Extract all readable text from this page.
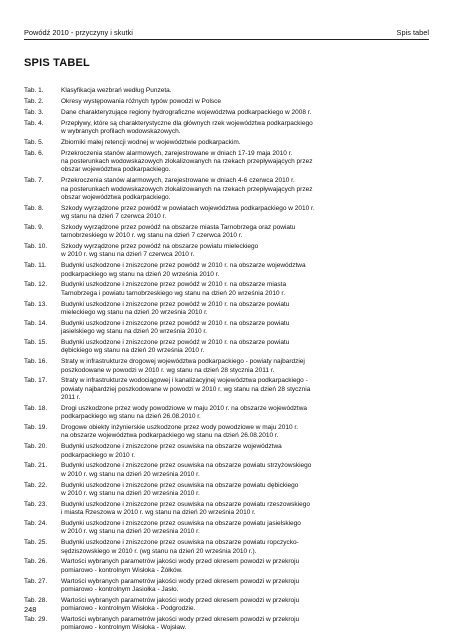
Powódź 2010 - przyczyny i skutki	Spis tabel
SPIS TABEL
Tab. 1.	Klasyfikacja wezbrań według Punzeta.
Tab. 2.	Okresy występowania różnych typów powodzi w Polsce
Tab. 3.	Dane charakteryzujące regiony hydrograficzne województwa podkarpackiego w 2008 r.
Tab. 4.	Przepływy, które są charakterystyczne dla głównych rzek województwa podkarpackiego
w wybranych profilach wodowskazowych.
Tab. 5.	Zbiorniki małej retencji wodnej w województwie podkarpackim.
Tab. 6.	Przekroczenia stanów alarmowych, zarejestrowane w dniach 17-19 maja 2010 r.
na posterunkach wodowskazowych zlokalizowanych na rzekach przepływających przez
obszar województwa podkarpackiego.
Tab. 7.	Przekroczenia stanów alarmowych, zarejestrowane w dniach 4-6 czerwca 2010 r.
na posterunkach wodowskazowych zlokalizowanych na rzekach przepływających przez
obszar województwa podkarpackiego.
Tab. 8.	Szkody wyrządzone przez powódź w powiatach województwa podkarpackiego w 2010 r.
wg stanu na dzień 7 czerwca 2010 r.
Tab. 9.	Szkody wyrządzone przez powódź na obszarze miasta Tarnobrzega oraz powiatu
tarnobrzeskiego w 2010 r. wg stanu na dzień 7 czerwca 2010 r.
Tab. 10.	Szkody wyrządzone przez powódź na obszarze powiatu mieleckiego
w 2010 r. wg stanu na dzień 7 czerwca 2010 r.
Tab. 11.	Budynki uszkodzone i zniszczone przez powódź w 2010 r. na obszarze województwa
podkarpackiego wg stanu na dzień 20 września 2010 r.
Tab. 12.	Budynki uszkodzone i zniszczone przez powódź w 2010 r. na obszarze miasta
Tarnobrzega i powiatu tarnobrzeskiego wg stanu na dzień 20 września 2010 r.
Tab. 13.	Budynki uszkodzone i zniszczone przez powódź w 2010 r. na obszarze powiatu
mieleckiego wg stanu na dzień 20 września 2010 r.
Tab. 14.	Budynki uszkodzone i zniszczone przez powódź w 2010 r. na obszarze powiatu
jasielskiego wg stanu na dzień 20 września 2010 r.
Tab. 15.	Budynki uszkodzone i zniszczone przez powódź w 2010 r. na obszarze powiatu
dębickiego wg stanu na dzień 20 września 2010 r.
Tab. 16.	Straty w infrastrukturze drogowej województwa podkarpackiego - powiaty najbardziej
poszkodowane w powodzi w 2010 r. wg stanu na dzień 28 stycznia 2011 r.
Tab. 17.	Straty w infrastrukturze wodociągowej i kanalizacyjnej województwa podkarpackiego -
powiaty najbardziej poszkodowane w powodzi w 2010 r. wg stanu na dzień 28 stycznia
2011 r.
Tab. 18.	Drogi uszkodzone przez wody powodziowe w maju 2010 r. na obszarze województwa
podkarpackiego wg stanu na dzień 26.08.2010 r.
Tab. 19.	Drogowe obiekty inżynierskie uszkodzone przez wody powodziowe w maju 2010 r.
na obszarze województwa podkarpackiego wg stanu na dzień 26.08.2010 r.
Tab. 20.	Budynki uszkodzone i zniszczone przez osuwiska na obszarze województwa
podkarpackiego w 2010 r.
Tab. 21.	Budynki uszkodzone i zniszczone przez osuwiska na obszarze powiatu strzyżowskiego
w 2010 r. wg stanu na dzień 20 września 2010 r.
Tab. 22.	Budynki uszkodzone i zniszczone przez osuwiska na obszarze powiatu dębickiego
w 2010 r. wg stanu na dzień 20 września 2010 r.
Tab. 23.	Budynki uszkodzone i zniszczone przez osuwiska na obszarze powiatu rzeszowskiego
i miasta Rzeszowa w 2010 r. wg stanu na dzień 20 września 2010 r.
Tab. 24.	Budynki uszkodzone i zniszczone przez osuwiska na obszarze powiatu jasielskiego
w 2010 r. wg stanu na dzień 20 września 2010 r.
Tab. 25.	Budynki uszkodzone i zniszczone przez osuwiska na obszarze powiatu ropczycko-
sędziszowskiego w 2010 r. (wg stanu na dzień 20 września 2010 r.).
Tab. 26.	Wartości wybranych parametrów jakości wody przed okresem powodzi w przekroju
pomiarowo - kontrolnym Wisłoka - Żółków.
Tab. 27.	Wartości wybranych parametrów jakości wody przed okresem powodzi w przekroju
pomiarowo - kontrolnym Jasiołka - Jasło.
Tab. 28.	Wartości wybranych parametrów jakości wody przed okresem powodzi w przekroju
pomiarowo - kontrolnym Wisłoka - Podgrodzie.
Tab. 29.	Wartości wybranych parametrów jakości wody przed okresem powodzi w przekroju
pomiarowo - kontrolnym Wisłoka - Wojsław.
248
